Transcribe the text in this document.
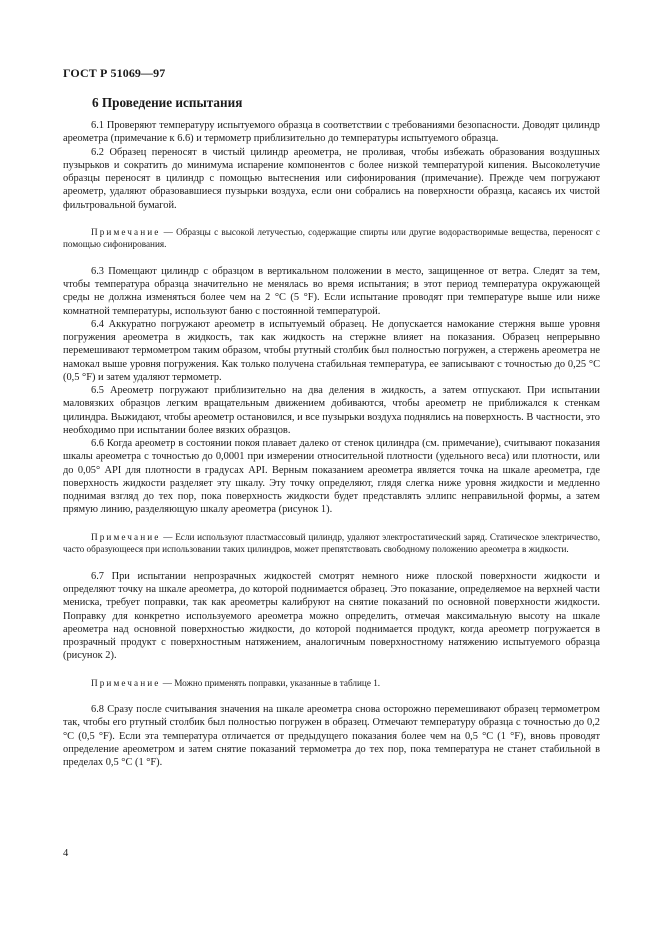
ГОСТ Р 51069—97
6 Проведение испытания

6.1 Проверяют температуру испытуемого образца в соответствии с требованиями безопасности. Доводят цилиндр ареометра (примечание к 6.6) и термометр приблизительно до температуры испытуемого образца.

6.2 Образец переносят в чистый цилиндр ареометра, не проливая, чтобы избежать образования воздушных пузырьков и сократить до минимума испарение компонентов с более низкой температурой кипения. Высоколетучие образцы переносят в цилиндр с помощью вытеснения или сифонирования (примечание). Прежде чем погружают ареометр, удаляют образовавшиеся пузырьки воздуха, если они собрались на поверхности образца, касаясь их чистой фильтровальной бумагой.

Примечание — Образцы с высокой летучестью, содержащие спирты или другие водорастворимые вещества, переносят с помощью сифонирования.

6.3 Помещают цилиндр с образцом в вертикальном положении в место, защищенное от ветра. Следят за тем, чтобы температура образца значительно не менялась во время испытания; в этот период температура окружающей среды не должна изменяться более чем на 2 °С (5 °F). Если испытание проводят при температуре выше или ниже комнатной температуры, используют баню с постоянной температурой.

6.4 Аккуратно погружают ареометр в испытуемый образец. Не допускается намокание стержня выше уровня погружения ареометра в жидкость, так как жидкость на стержне влияет на показания. Образец непрерывно перемешивают термометром таким образом, чтобы ртутный столбик был полностью погружен, а стержень ареометра не намокал выше уровня погружения. Как только получена стабильная температура, ее записывают с точностью до 0,25 °С (0,5 °F) и затем удаляют термометр.

6.5 Ареометр погружают приблизительно на два деления в жидкость, а затем отпускают. При испытании маловязких образцов легким вращательным движением добиваются, чтобы ареометр не приближался к стенкам цилиндра. Выжидают, чтобы ареометр остановился, и все пузырьки воздуха поднялись на поверхность. В частности, это необходимо при испытании более вязких образцов.

6.6 Когда ареометр в состоянии покоя плавает далеко от стенок цилиндра (см. примечание), считывают показания шкалы ареометра с точностью до 0,0001 при измерении относительной плотности (удельного веса) или плотности, или до 0,05° API для плотности в градусах API. Верным показанием ареометра является точка на шкале ареометра, где поверхность жидкости разделяет эту шкалу. Эту точку определяют, глядя слегка ниже уровня жидкости и медленно поднимая взгляд до тех пор, пока поверхность жидкости будет представлять эллипс неправильной формы, а затем прямую линию, разделяющую шкалу ареометра (рисунок 1).

Примечание — Если используют пластмассовый цилиндр, удаляют электростатический заряд. Статическое электричество, часто образующееся при использовании таких цилиндров, может препятствовать свободному положению ареометра в жидкости.

6.7 При испытании непрозрачных жидкостей смотрят немного ниже плоской поверхности жидкости и определяют точку на шкале ареометра, до которой поднимается образец. Это показание, определяемое на верхней части мениска, требует поправки, так как ареометры калибруют на снятие показаний по основной поверхности жидкости. Поправку для конкретно используемого ареометра можно определить, отмечая максимальную высоту на шкале ареометра над основной поверхностью жидкости, до которой поднимается продукт, когда ареометр погружается в прозрачный продукт с поверхностным натяжением, аналогичным поверхностному натяжению испытуемого образца (рисунок 2).

Примечание — Можно применять поправки, указанные в таблице 1.

6.8 Сразу после считывания значения на шкале ареометра снова осторожно перемешивают образец термометром так, чтобы его ртутный столбик был полностью погружен в образец. Отмечают температуру образца с точностью до 0,2 °С (0,5 °F). Если эта температура отличается от предыдущего показания более чем на 0,5 °С (1 °F), вновь проводят определение ареометром и затем снятие показаний термометра до тех пор, пока температура не станет стабильной в пределах 0,5 °С (1 °F).

4
